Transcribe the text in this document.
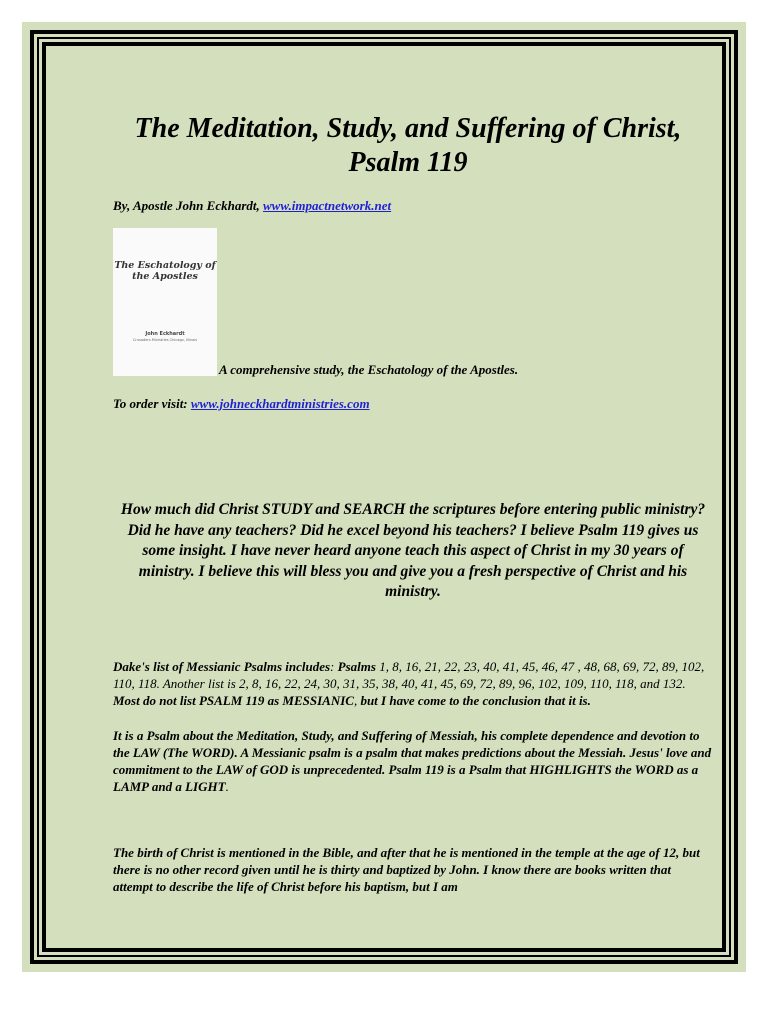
The Meditation, Study, and Suffering of Christ, Psalm 119

By, Apostle John Eckhardt, www.impactnetwork.net

The Eschatology of the Apostles
John Eckhardt
Crusaders Ministries Chicago, Illinois
A comprehensive study, the Eschatology of the Apostles.

To order visit: www.johneckhardtministries.com

How much did Christ STUDY and SEARCH the scriptures before entering public ministry? Did he have any teachers? Did he excel beyond his teachers? I believe Psalm 119 gives us some insight. I have never heard anyone teach this aspect of Christ in my 30 years of ministry. I believe this will bless you and give you a fresh perspective of Christ and his ministry.

Dake's list of Messianic Psalms includes: Psalms 1, 8, 16, 21, 22, 23, 40, 41, 45, 46, 47 , 48, 68, 69, 72, 89, 102, 110, 118. Another list is 2, 8, 16, 22, 24, 30, 31, 35, 38, 40, 41, 45, 69, 72, 89, 96, 102, 109, 110, 118, and 132. Most do not list PSALM 119 as MESSIANIC, but I have come to the conclusion that it is.

It is a Psalm about the Meditation, Study, and Suffering of Messiah, his complete dependence and devotion to the LAW (The WORD). A Messianic psalm is a psalm that makes predictions about the Messiah. Jesus' love and commitment to the LAW of GOD is unprecedented. Psalm 119 is a Psalm that HIGHLIGHTS the WORD as a LAMP and a LIGHT.

The birth of Christ is mentioned in the Bible, and after that he is mentioned in the temple at the age of 12, but there is no other record given until he is thirty and baptized by John. I know there are books written that attempt to describe the life of Christ before his baptism, but I am
